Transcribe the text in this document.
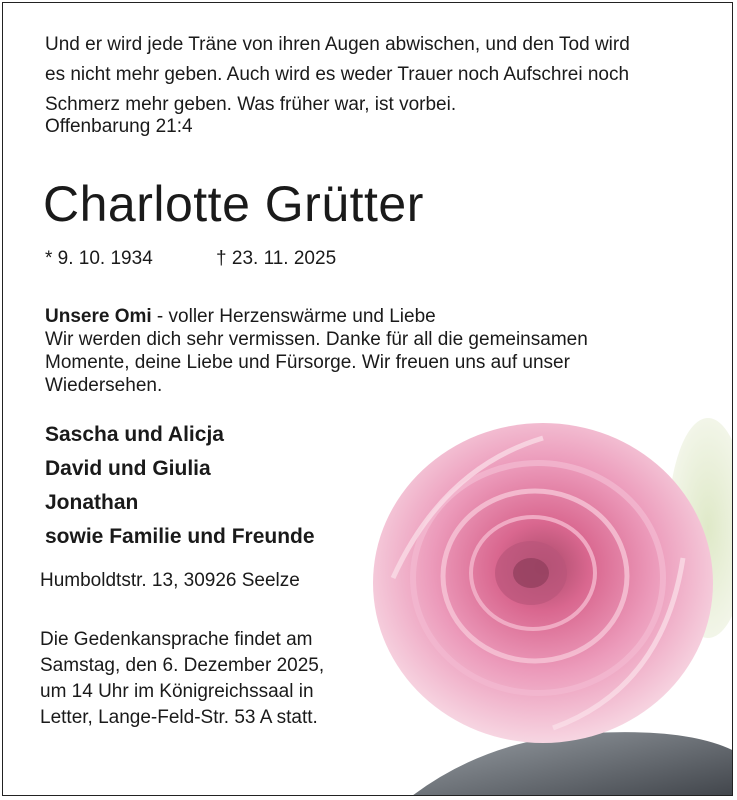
Und er wird jede Träne von ihren Augen abwischen, und den Tod wird
es nicht mehr geben. Auch wird es weder Trauer noch Aufschrei noch
Schmerz mehr geben. Was früher war, ist vorbei.
Offenbarung 21:4
Charlotte Grütter
* 9. 10. 1934	† 23. 11. 2025
Unsere Omi - voller Herzenswärme und Liebe
Wir werden dich sehr vermissen. Danke für all die gemeinsamen
Momente, deine Liebe und Fürsorge. Wir freuen uns auf unser
Wiedersehen.
Sascha und Alicja
David und Giulia
Jonathan
sowie Familie und Freunde
Humboldtstr. 13, 30926 Seelze
Die Gedenkansprache findet am
Samstag, den 6. Dezember 2025,
um 14 Uhr im Königreichssaal in
Letter, Lange-Feld-Str. 53 A statt.
